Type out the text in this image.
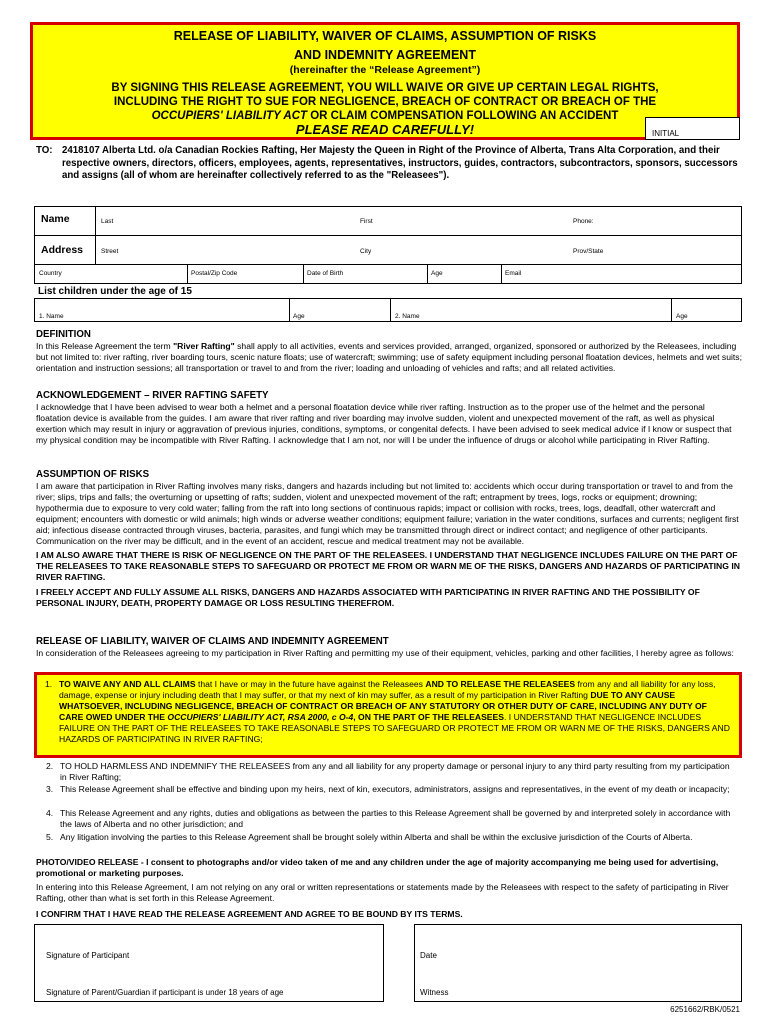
RELEASE OF LIABILITY, WAIVER OF CLAIMS, ASSUMPTION OF RISKS
AND INDEMNITY AGREEMENT
(hereinafter the “Release Agreement”)
BY SIGNING THIS RELEASE AGREEMENT, YOU WILL WAIVE OR GIVE UP CERTAIN LEGAL RIGHTS,
INCLUDING THE RIGHT TO SUE FOR NEGLIGENCE, BREACH OF CONTRACT OR BREACH OF THE
OCCUPIERS' LIABILITY ACT OR CLAIM COMPENSATION FOLLOWING AN ACCIDENT
PLEASE READ CAREFULLY!	INITIAL
TO: 2418107 Alberta Ltd. o/a Canadian Rockies Rafting, Her Majesty the Queen in Right of the Province of Alberta, Trans Alta Corporation, and their respective owners, directors, officers, employees, agents, representatives, instructors, guides, contractors, subcontractors, sponsors, successors and assigns (all of whom are hereinafter collectively referred to as the "Releasees").
Name	Last	First	Phone:
Address	Street	City	Prov/State
Country	Postal/Zip Code	Date of Birth	Age	Email
List children under the age of 15
1. Name	Age	2. Name	Age
DEFINITION
In this Release Agreement the term "River Rafting" shall apply to all activities, events and services provided, arranged, organized, sponsored or authorized by the Releasees, including but not limited to: river rafting, river boarding tours, scenic nature floats; use of watercraft; swimming; use of safety equipment including personal floatation devices, helmets and wet suits; orientation and instruction sessions; all transportation or travel to and from the river; loading and unloading of vehicles and rafts; and all related activities.
ACKNOWLEDGEMENT – RIVER RAFTING SAFETY
I acknowledge that I have been advised to wear both a helmet and a personal floatation device while river rafting. Instruction as to the proper use of the helmet and the personal floatation device is available from the guides. I am aware that river rafting and river boarding may involve sudden, violent and unexpected movement of the raft, as well as physical exertion which may result in injury or aggravation of previous injuries, conditions, symptoms, or congenital defects. I have been advised to seek medical advice if I know or suspect that my physical condition may be incompatible with River Rafting. I acknowledge that I am not, nor will I be under the influence of drugs or alcohol while participating in River Rafting.
ASSUMPTION OF RISKS
I am aware that participation in River Rafting involves many risks, dangers and hazards including but not limited to: accidents which occur during transportation or travel to and from the river; slips, trips and falls; the overturning or upsetting of rafts; sudden, violent and unexpected movement of the raft; entrapment by trees, logs, rocks or equipment; drowning; hypothermia due to exposure to very cold water; falling from the raft into long sections of continuous rapids; impact or collision with rocks, trees, logs, deadfall, other watercraft and equipment; encounters with domestic or wild animals; high winds or adverse weather conditions; equipment failure; variation in the water conditions, surfaces and currents; negligent first aid; infectious disease contracted through viruses, bacteria, parasites, and fungi which may be transmitted through direct or indirect contact; and negligence of other participants. Communication on the river may be difficult, and in the event of an accident, rescue and medical treatment may not be available.
I AM ALSO AWARE THAT THERE IS RISK OF NEGLIGENCE ON THE PART OF THE RELEASEES. I UNDERSTAND THAT NEGLIGENCE INCLUDES FAILURE ON THE PART OF THE RELEASEES TO TAKE REASONABLE STEPS TO SAFEGUARD OR PROTECT ME FROM OR WARN ME OF THE RISKS, DANGERS AND HAZARDS OF PARTICIPATING IN RIVER RAFTING.
I FREELY ACCEPT AND FULLY ASSUME ALL RISKS, DANGERS AND HAZARDS ASSOCIATED WITH PARTICIPATING IN RIVER RAFTING AND THE POSSIBILITY OF PERSONAL INJURY, DEATH, PROPERTY DAMAGE OR LOSS RESULTING THEREFROM.
RELEASE OF LIABILITY, WAIVER OF CLAIMS AND INDEMNITY AGREEMENT
In consideration of the Releasees agreeing to my participation in River Rafting and permitting my use of their equipment, vehicles, parking and other facilities, I hereby agree as follows:
1. TO WAIVE ANY AND ALL CLAIMS that I have or may in the future have against the Releasees AND TO RELEASE THE RELEASEES from any and all liability for any loss, damage, expense or injury including death that I may suffer, or that my next of kin may suffer, as a result of my participation in River Rafting DUE TO ANY CAUSE WHATSOEVER, INCLUDING NEGLIGENCE, BREACH OF CONTRACT OR BREACH OF ANY STATUTORY OR OTHER DUTY OF CARE, INCLUDING ANY DUTY OF CARE OWED UNDER THE OCCUPIERS' LIABILITY ACT, RSA 2000, c O-4, ON THE PART OF THE RELEASEES. I UNDERSTAND THAT NEGLIGENCE INCLUDES FAILURE ON THE PART OF THE RELEASEES TO TAKE REASONABLE STEPS TO SAFEGUARD OR PROTECT ME FROM OR WARN ME OF THE RISKS, DANGERS AND HAZARDS OF PARTICIPATING IN RIVER RAFTING;
2. TO HOLD HARMLESS AND INDEMNIFY THE RELEASEES from any and all liability for any property damage or personal injury to any third party resulting from my participation in River Rafting;
3. This Release Agreement shall be effective and binding upon my heirs, next of kin, executors, administrators, assigns and representatives, in the event of my death or incapacity;
4. This Release Agreement and any rights, duties and obligations as between the parties to this Release Agreement shall be governed by and interpreted solely in accordance with the laws of Alberta and no other jurisdiction; and
5. Any litigation involving the parties to this Release Agreement shall be brought solely within Alberta and shall be within the exclusive jurisdiction of the Courts of Alberta.
PHOTO/VIDEO RELEASE - I consent to photographs and/or video taken of me and any children under the age of majority accompanying me being used for advertising, promotional or marketing purposes.
In entering into this Release Agreement, I am not relying on any oral or written representations or statements made by the Releasees with respect to the safety of participating in River Rafting, other than what is set forth in this Release Agreement.
I CONFIRM THAT I HAVE READ THE RELEASE AGREEMENT AND AGREE TO BE BOUND BY ITS TERMS.
Signature of Participant	Date
Signature of Parent/Guardian if participant is under 18 years of age	Witness
6251662/RBK/0521
